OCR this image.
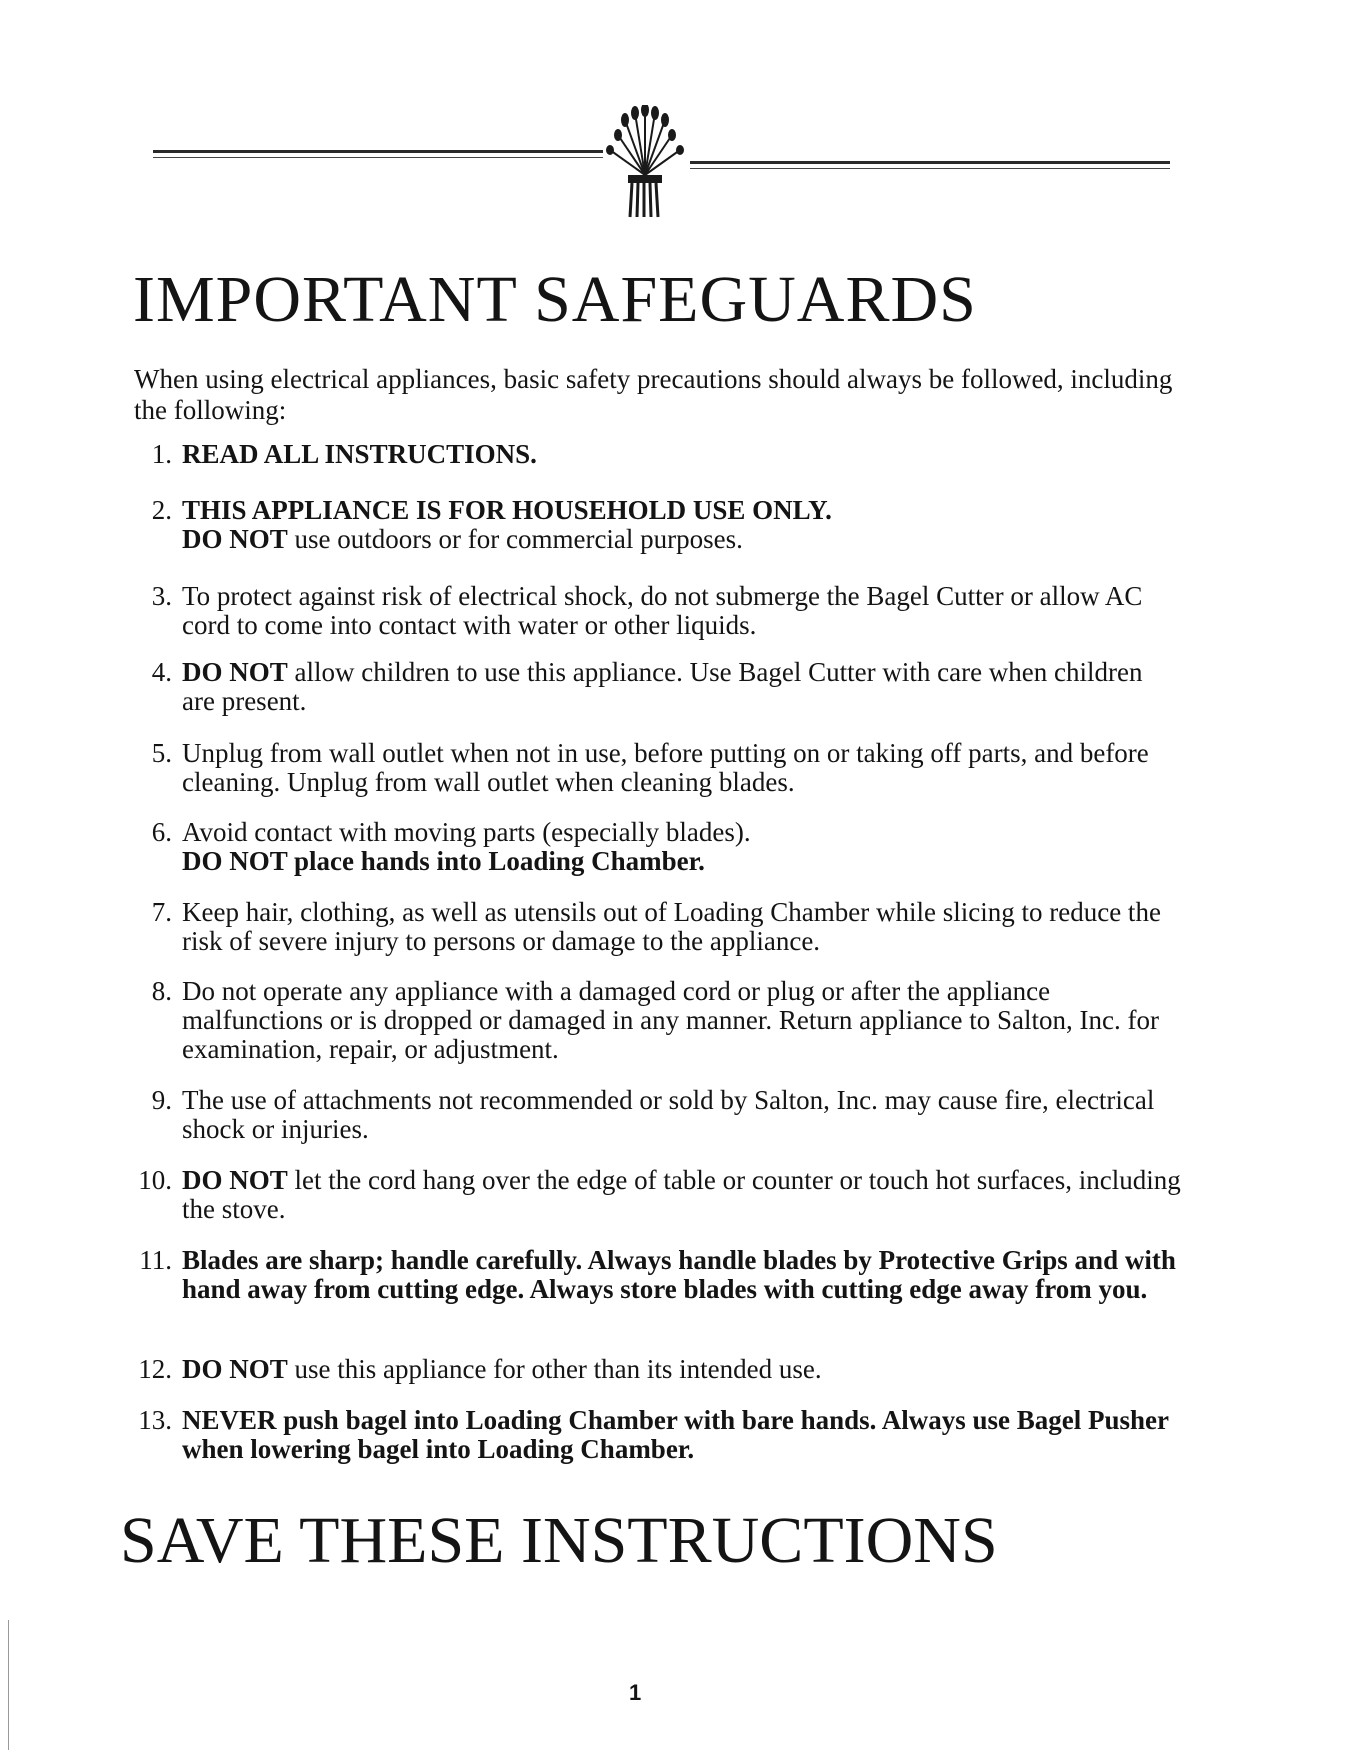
IMPORTANT SAFEGUARDS

When using electrical appliances, basic safety precautions should always be followed, including the following:

1. READ ALL INSTRUCTIONS.
2. THIS APPLIANCE IS FOR HOUSEHOLD USE ONLY.
DO NOT use outdoors or for commercial purposes.
3. To protect against risk of electrical shock, do not submerge the Bagel Cutter or allow AC cord to come into contact with water or other liquids.
4. DO NOT allow children to use this appliance. Use Bagel Cutter with care when children are present.
5. Unplug from wall outlet when not in use, before putting on or taking off parts, and before cleaning. Unplug from wall outlet when cleaning blades.
6. Avoid contact with moving parts (especially blades).
DO NOT place hands into Loading Chamber.
7. Keep hair, clothing, as well as utensils out of Loading Chamber while slicing to reduce the risk of severe injury to persons or damage to the appliance.
8. Do not operate any appliance with a damaged cord or plug or after the appliance malfunctions or is dropped or damaged in any manner. Return appliance to Salton, Inc. for examination, repair, or adjustment.
9. The use of attachments not recommended or sold by Salton, Inc. may cause fire, electrical shock or injuries.
10. DO NOT let the cord hang over the edge of table or counter or touch hot surfaces, including the stove.
11. Blades are sharp; handle carefully. Always handle blades by Protective Grips and with hand away from cutting edge. Always store blades with cutting edge away from you.
12. DO NOT use this appliance for other than its intended use.
13. NEVER push bagel into Loading Chamber with bare hands. Always use Bagel Pusher when lowering bagel into Loading Chamber.
SAVE THESE INSTRUCTIONS
1
